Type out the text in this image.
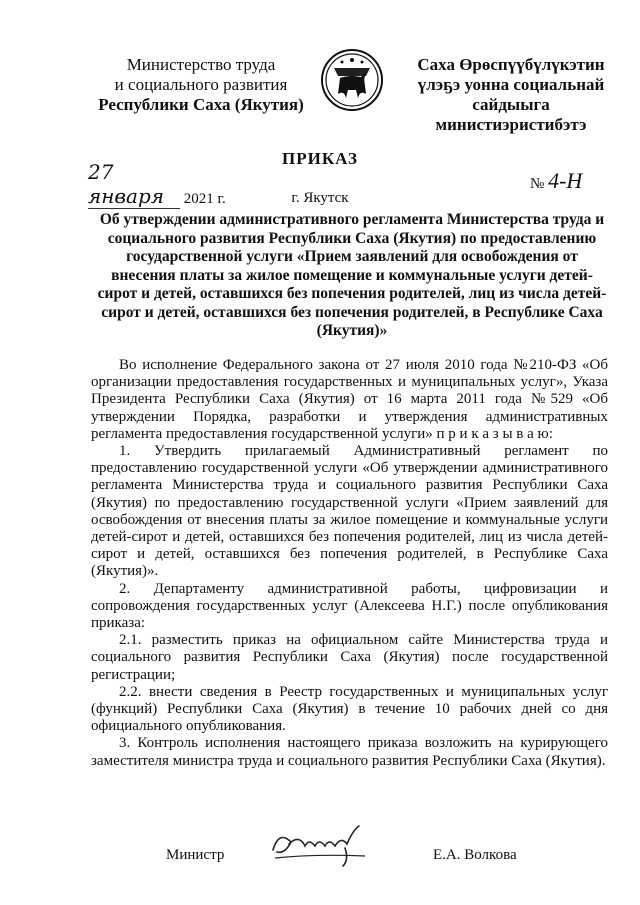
Министерство труда
и социального развития
Республики Саха (Якутия)
Саха Өрөспүүбүлүкэтин
үлэҕэ уонна социальнай
сайдыыга министиэристибэтэ
ПРИКАЗ
27 января 2021 г.	г. Якутск
№ 4-Н
Об утверждении административного регламента Министерства труда и социального развития Республики Саха (Якутия) по предоставлению государственной услуги «Прием заявлений для освобождения от внесения платы за жилое помещение и коммунальные услуги детей-сирот и детей, оставшихся без попечения родителей, лиц из числа детей-сирот и детей, оставшихся без попечения родителей, в Республике Саха (Якутия)»

Во исполнение Федерального закона от 27 июля 2010 года №210-ФЗ «Об организации предоставления государственных и муниципальных услуг», Указа Президента Республики Саха (Якутия) от 16 марта 2011 года №529 «Об утверждении Порядка, разработки и утверждения административных регламента предоставления государственной услуги» п р и к а з ы в а ю:

1. Утвердить прилагаемый Административный регламент по предоставлению государственной услуги «Об утверждении административного регламента Министерства труда и социального развития Республики Саха (Якутия) по предоставлению государственной услуги «Прием заявлений для освобождения от внесения платы за жилое помещение и коммунальные услуги детей-сирот и детей, оставшихся без попечения родителей, лиц из числа детей-сирот и детей, оставшихся без попечения родителей, в Республике Саха (Якутия)».

2. Департаменту административной работы, цифровизации и сопровождения государственных услуг (Алексеева Н.Г.) после опубликования приказа:

2.1. разместить приказ на официальном сайте Министерства труда и социального развития Республики Саха (Якутия) после государственной регистрации;

2.2. внести сведения в Реестр государственных и муниципальных услуг (функций) Республики Саха (Якутия) в течение 10 рабочих дней со дня официального опубликования.

3. Контроль исполнения настоящего приказа возложить на курирующего заместителя министра труда и социального развития Республики Саха (Якутия).

Министр	Е.А. Волкова
